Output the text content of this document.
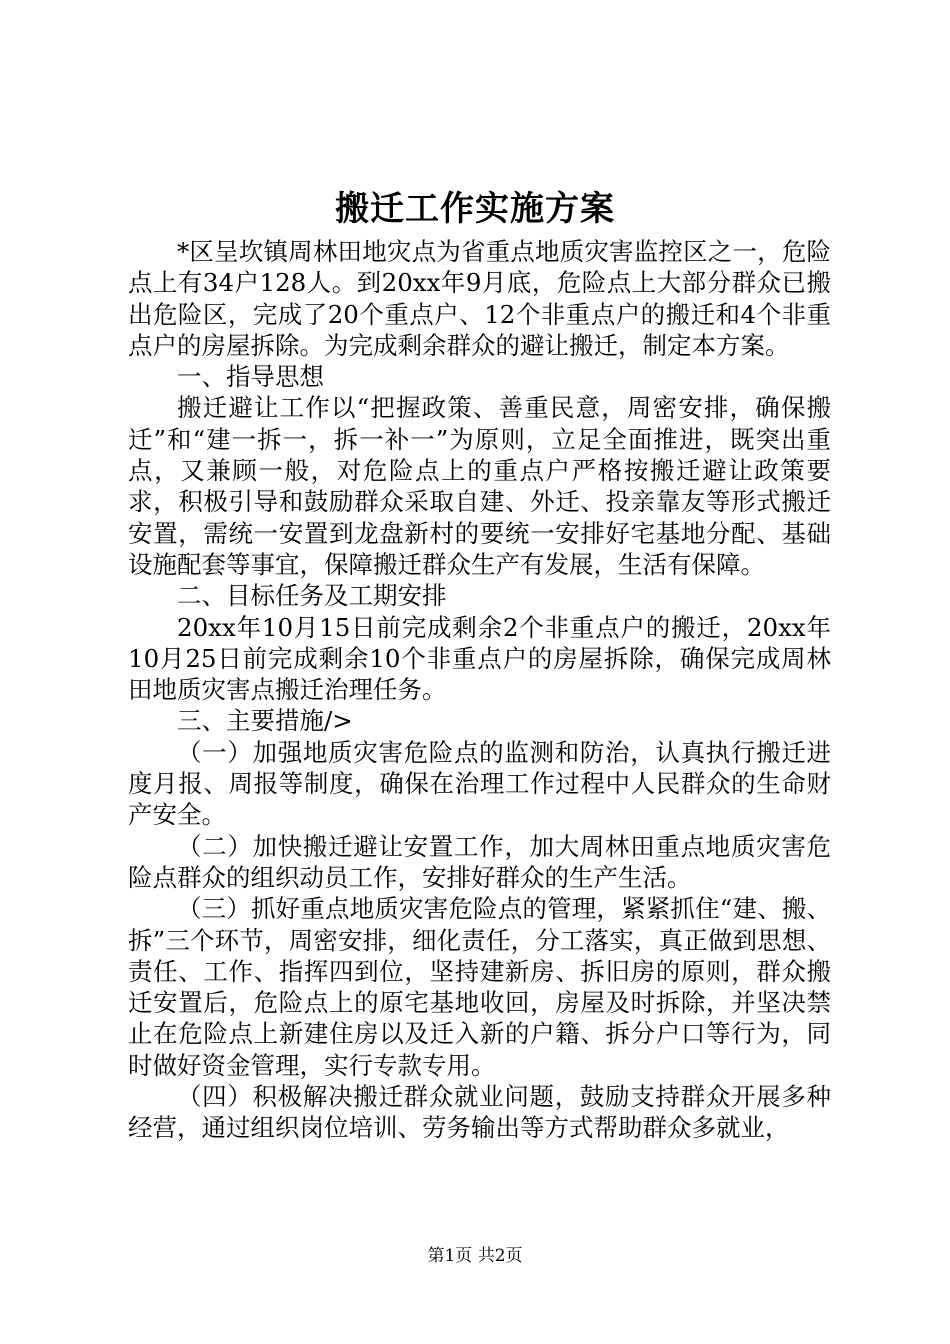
搬迁工作实施方案

*区呈坎镇周林田地灾点为省重点地质灾害监控区之一，危险点上有34户128人。到20xx年9月底，危险点上大部分群众已搬出危险区，完成了20个重点户、12个非重点户的搬迁和4个非重点户的房屋拆除。为完成剩余群众的避让搬迁，制定本方案。

一、指导思想

搬迁避让工作以“把握政策、善重民意，周密安排，确保搬迁”和“建一拆一，拆一补一”为原则，立足全面推进，既突出重点，又兼顾一般，对危险点上的重点户严格按搬迁避让政策要求，积极引导和鼓励群众采取自建、外迁、投亲靠友等形式搬迁安置，需统一安置到龙盘新村的要统一安排好宅基地分配、基础设施配套等事宜，保障搬迁群众生产有发展，生活有保障。

二、目标任务及工期安排

20xx年10月15日前完成剩余2个非重点户的搬迁，20xx年10月25日前完成剩余10个非重点户的房屋拆除，确保完成周林田地质灾害点搬迁治理任务。

三、主要措施/>

（一）加强地质灾害危险点的监测和防治，认真执行搬迁进度月报、周报等制度，确保在治理工作过程中人民群众的生命财产安全。

（二）加快搬迁避让安置工作，加大周林田重点地质灾害危险点群众的组织动员工作，安排好群众的生产生活。

（三）抓好重点地质灾害危险点的管理，紧紧抓住“建、搬、拆”三个环节，周密安排，细化责任，分工落实，真正做到思想、责任、工作、指挥四到位，坚持建新房、拆旧房的原则，群众搬迁安置后，危险点上的原宅基地收回，房屋及时拆除，并坚决禁止在危险点上新建住房以及迁入新的户籍、拆分户口等行为，同时做好资金管理，实行专款专用。

（四）积极解决搬迁群众就业问题，鼓励支持群众开展多种经营，通过组织岗位培训、劳务输出等方式帮助群众多就业，

第1页 共2页
